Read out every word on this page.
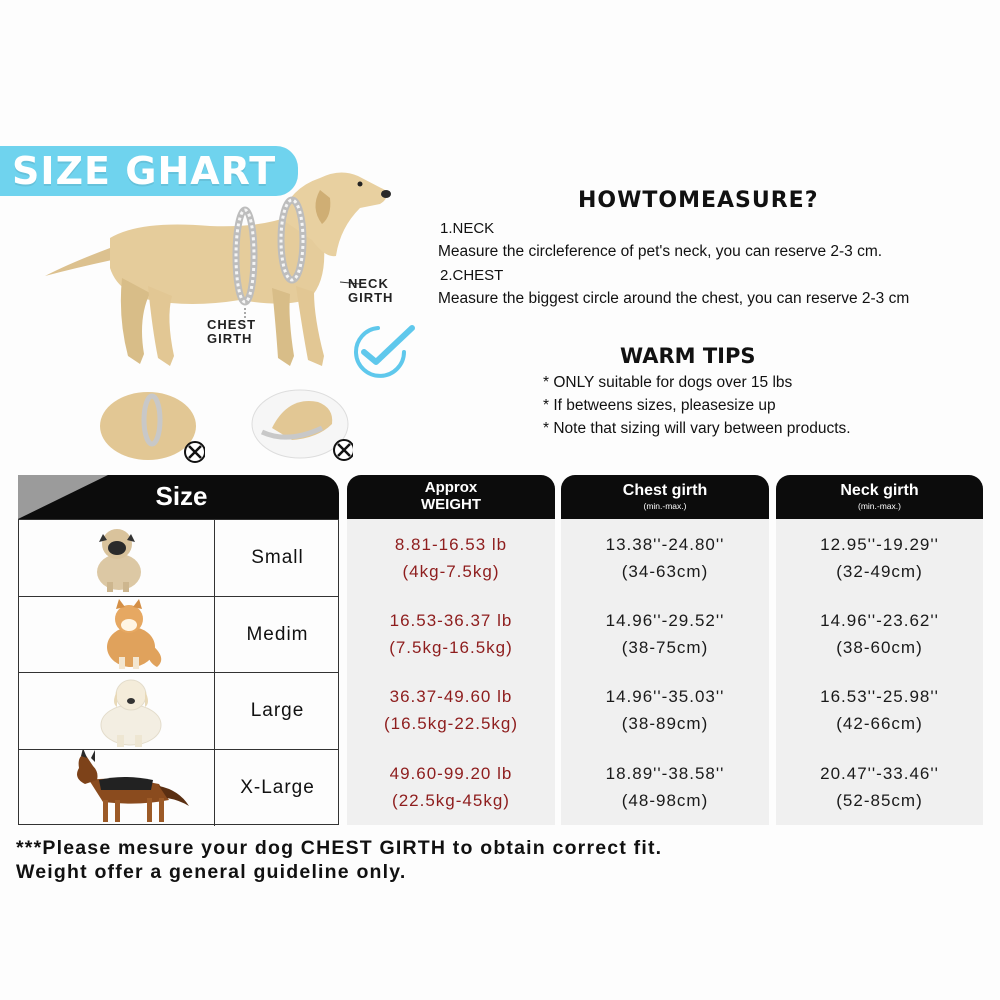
SIZE GHART
NECK
GIRTH
CHEST
GIRTH
HOWTOMEASURE?
1.NECK
Measure the circleference of pet's neck, you can reserve 2-3 cm.
2.CHEST
Measure the biggest circle around the chest, you can reserve 2-3 cm
WARM TIPS
* ONLY suitable for dogs over 15 lbs
* If betweens sizes, pleasesize up
* Note that sizing will vary between products.
Size	Approx
WEIGHT
Chest girth
(min.-max.)
Neck girth
(min.-max.)
Small
Medim
Large
X-Large
8.81-16.53 lb
(4kg-7.5kg)
16.53-36.37 lb
(7.5kg-16.5kg)
36.37-49.60 lb
(16.5kg-22.5kg)
49.60-99.20 lb
(22.5kg-45kg)
13.38''-24.80''
(34-63cm)
14.96''-29.52''
(38-75cm)
14.96''-35.03''
(38-89cm)
18.89''-38.58''
(48-98cm)
12.95''-19.29''
(32-49cm)
14.96''-23.62''
(38-60cm)
16.53''-25.98''
(42-66cm)
20.47''-33.46''
(52-85cm)
***Please mesure your dog CHEST GIRTH to obtain correct fit.
Weight offer a general guideline only.
